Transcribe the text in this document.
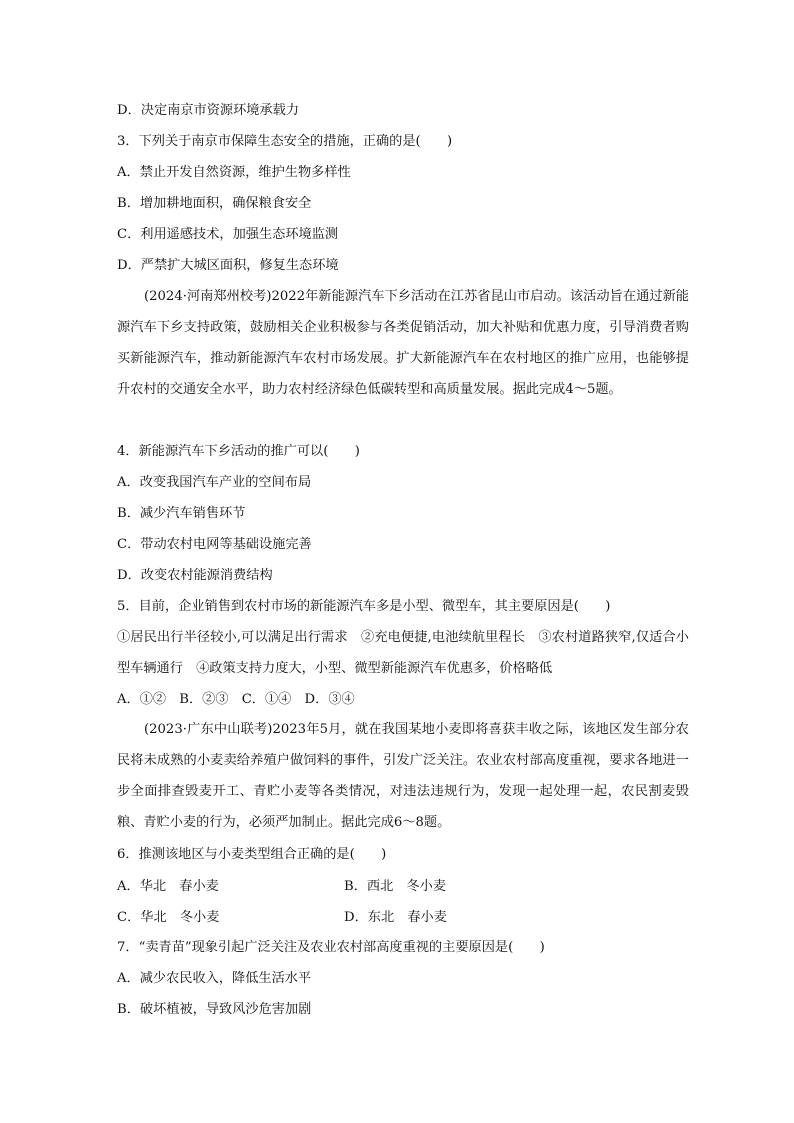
D．决定南京市资源环境承载力
3．下列关于南京市保障生态安全的措施，正确的是(　　)
A．禁止开发自然资源，维护生物多样性
B．增加耕地面积，确保粮食安全
C．利用遥感技术，加强生态环境监测
D．严禁扩大城区面积，修复生态环境
(2024·河南郑州校考)2022年新能源汽车下乡活动在江苏省昆山市启动。该活动旨在通过新能源汽车下乡支持政策，鼓励相关企业积极参与各类促销活动，加大补贴和优惠力度，引导消费者购买新能源汽车，推动新能源汽车农村市场发展。扩大新能源汽车在农村地区的推广应用，也能够提升农村的交通安全水平，助力农村经济绿色低碳转型和高质量发展。据此完成4～5题。
4．新能源汽车下乡活动的推广可以(　　)
A．改变我国汽车产业的空间布局
B．减少汽车销售环节
C．带动农村电网等基础设施完善
D．改变农村能源消费结构
5．目前，企业销售到农村市场的新能源汽车多是小型、微型车，其主要原因是(　　)
①居民出行半径较小,可以满足出行需求　②充电便捷,电池续航里程长　③农村道路狭窄,仅适合小型车辆通行　④政策支持力度大，小型、微型新能源汽车优惠多，价格略低
A．①②　B．②③　C．①④　D．③④
(2023·广东中山联考)2023年5月，就在我国某地小麦即将喜获丰收之际，该地区发生部分农民将未成熟的小麦卖给养殖户做饲料的事件，引发广泛关注。农业农村部高度重视，要求各地进一步全面排查毁麦开工、青贮小麦等各类情况，对违法违规行为，发现一起处理一起，农民割麦毁粮、青贮小麦的行为，必须严加制止。据此完成6～8题。
6．推测该地区与小麦类型组合正确的是(　　)
A．华北　春小麦	B．西北　冬小麦
C．华北　冬小麦	D．东北　春小麦
7．“卖青苗”现象引起广泛关注及农业农村部高度重视的主要原因是(　　)
A．减少农民收入，降低生活水平
B．破坏植被，导致风沙危害加剧
